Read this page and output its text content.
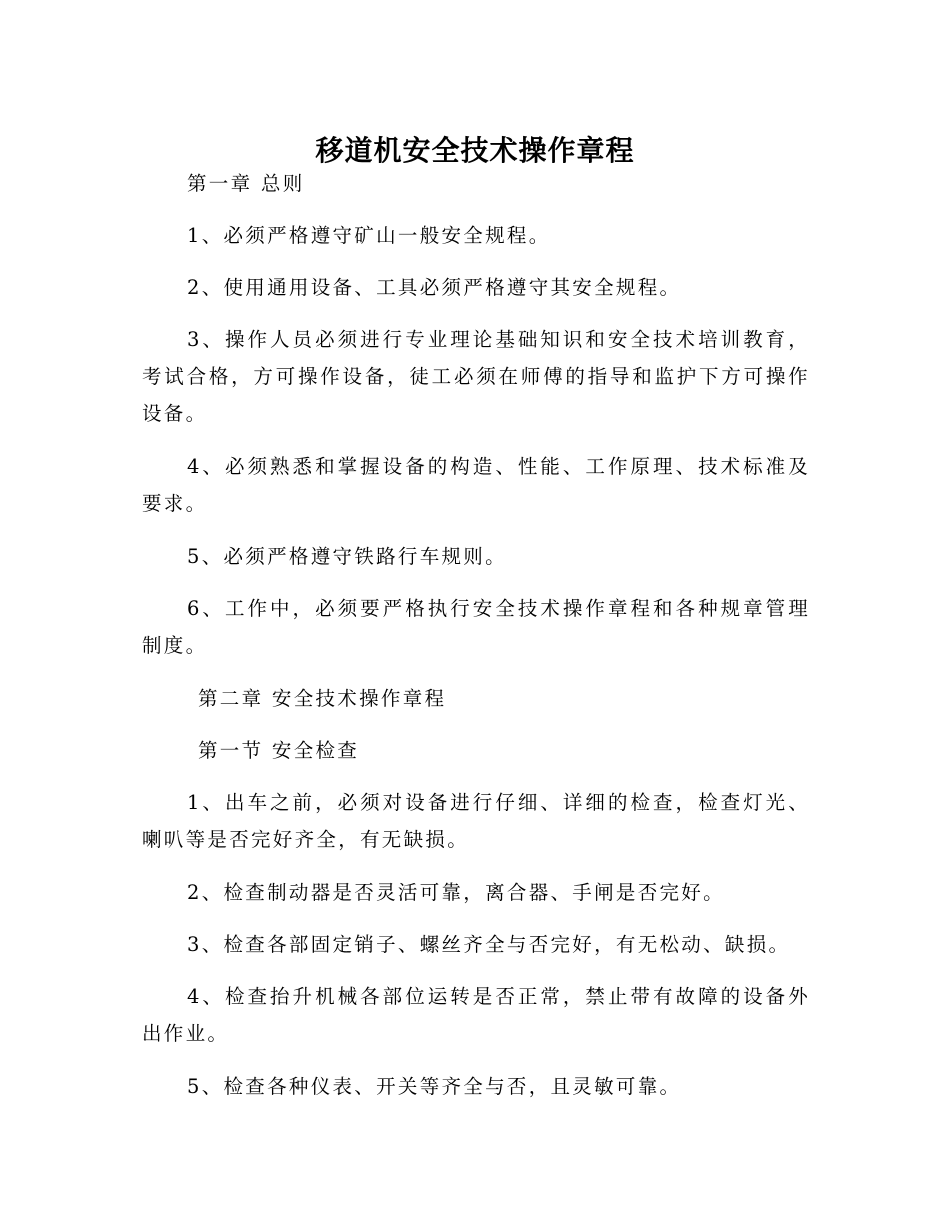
移道机安全技术操作章程

第一章 总则

1、必须严格遵守矿山一般安全规程。

2、使用通用设备、工具必须严格遵守其安全规程。

3、操作人员必须进行专业理论基础知识和安全技术培训教育，考试合格，方可操作设备，徒工必须在师傅的指导和监护下方可操作设备。

4、必须熟悉和掌握设备的构造、性能、工作原理、技术标准及要求。

5、必须严格遵守铁路行车规则。

6、工作中，必须要严格执行安全技术操作章程和各种规章管理制度。

第二章 安全技术操作章程

第一节 安全检查

1、出车之前，必须对设备进行仔细、详细的检查，检查灯光、喇叭等是否完好齐全，有无缺损。

2、检查制动器是否灵活可靠，离合器、手闸是否完好。

3、检查各部固定销子、螺丝齐全与否完好，有无松动、缺损。

4、检查抬升机械各部位运转是否正常，禁止带有故障的设备外出作业。

5、检查各种仪表、开关等齐全与否，且灵敏可靠。
